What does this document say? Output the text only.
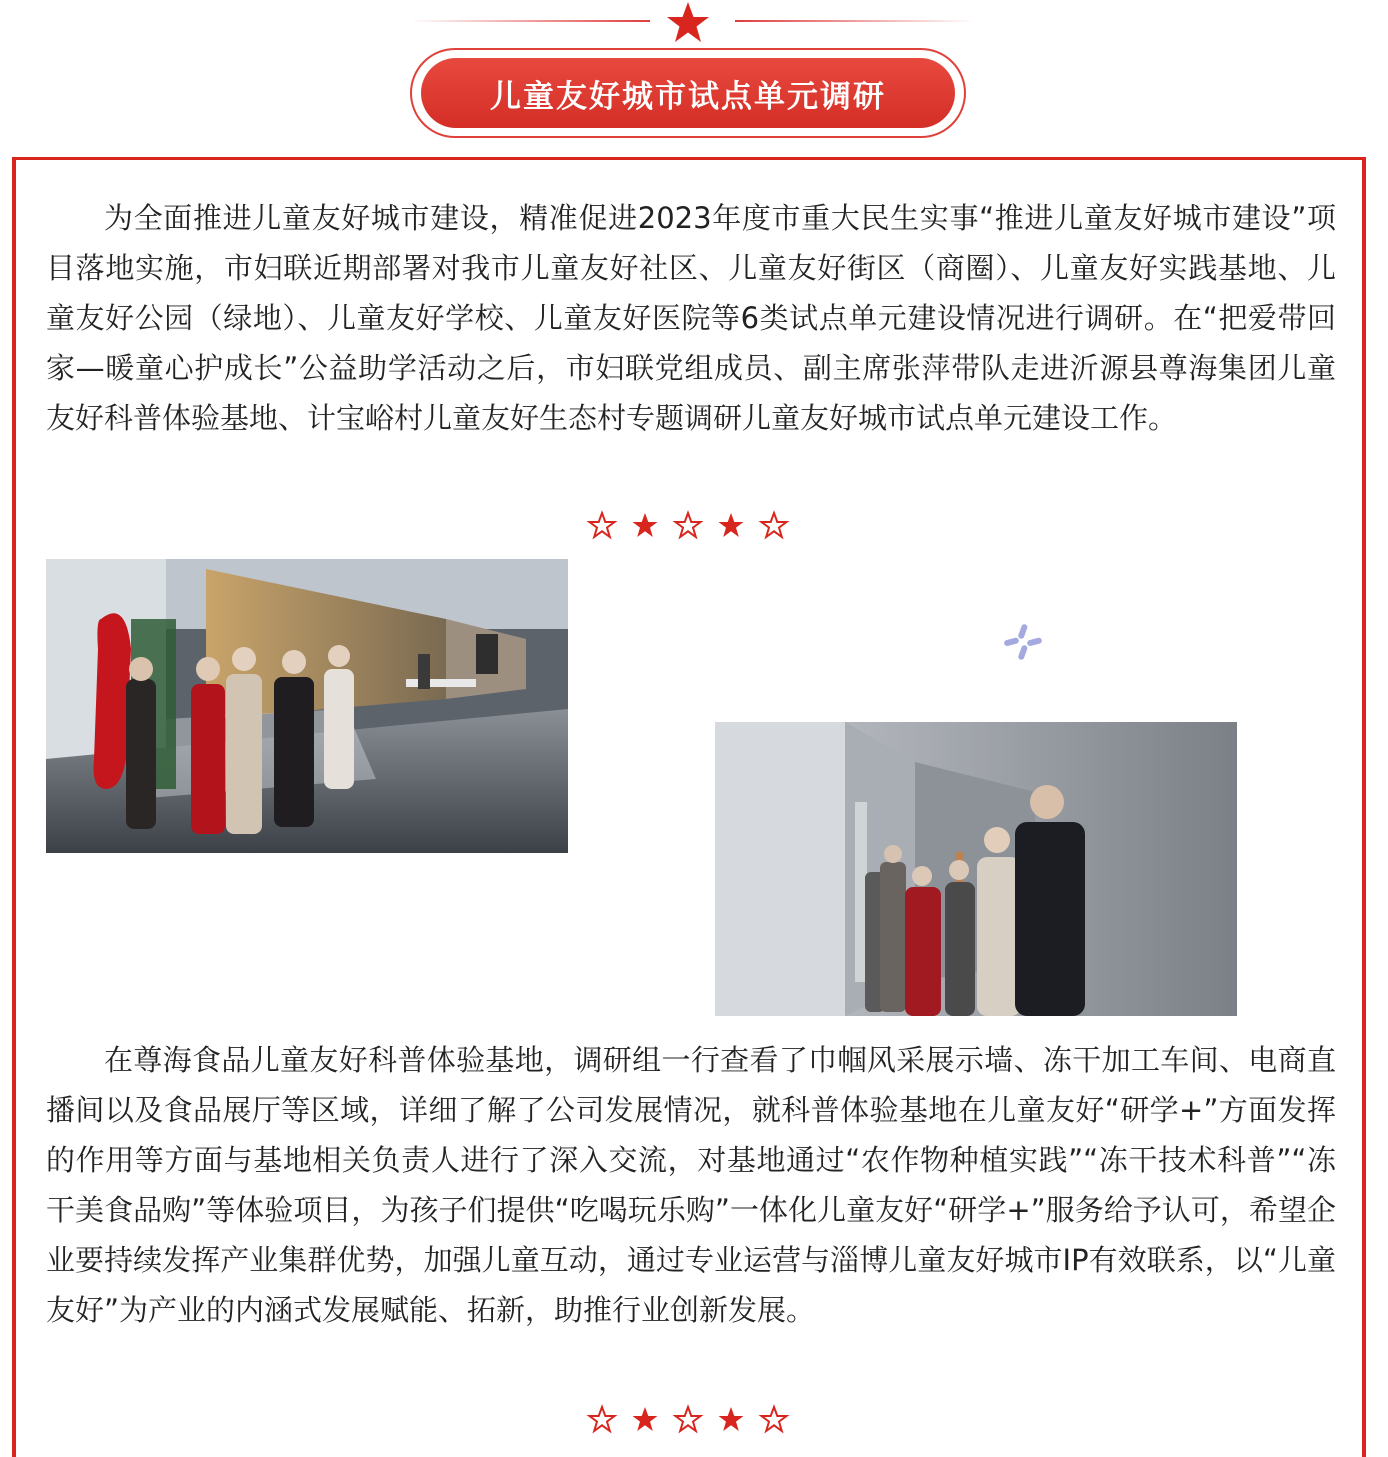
儿童友好城市试点单元调研

为全面推进儿童友好城市建设，精准促进2023年度市重大民生实事“推进儿童友好城市建设”项目落地实施，市妇联近期部署对我市儿童友好社区、儿童友好街区（商圈）、儿童友好实践基地、儿童友好公园（绿地）、儿童友好学校、儿童友好医院等6类试点单元建设情况进行调研。在“把爱带回家—暖童心护成长”公益助学活动之后，市妇联党组成员、副主席张萍带队走进沂源县尊海集团儿童友好科普体验基地、计宝峪村儿童友好生态村专题调研儿童友好城市试点单元建设工作。

在尊海食品儿童友好科普体验基地，调研组一行查看了巾帼风采展示墙、冻干加工车间、电商直播间以及食品展厅等区域，详细了解了公司发展情况，就科普体验基地在儿童友好“研学+”方面发挥的作用等方面与基地相关负责人进行了深入交流，对基地通过“农作物种植实践”“冻干技术科普”“冻干美食品购”等体验项目，为孩子们提供“吃喝玩乐购”一体化儿童友好“研学+”服务给予认可，希望企业要持续发挥产业集群优势，加强儿童互动，通过专业运营与淄博儿童友好城市IP有效联系，以“儿童友好”为产业的内涵式发展赋能、拓新，助推行业创新发展。
